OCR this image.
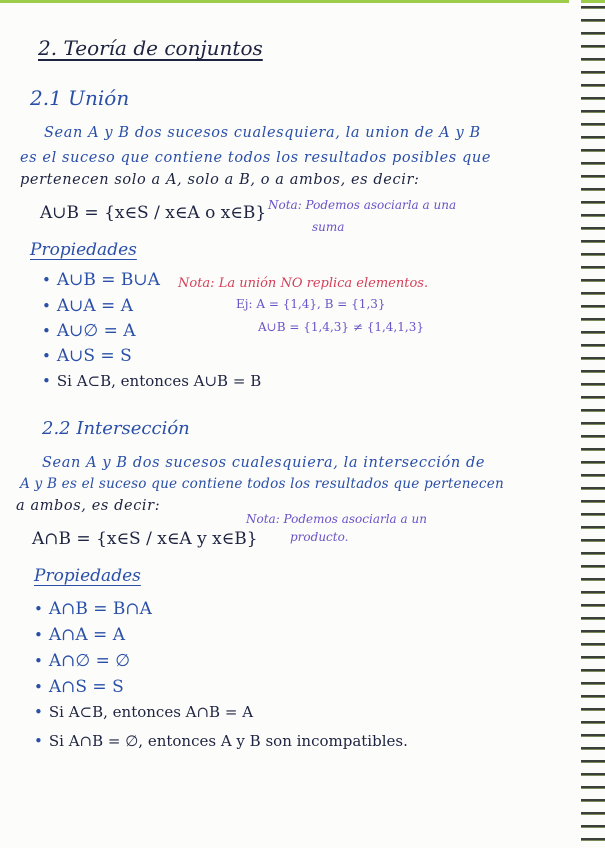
2. Teoría de conjuntos
2.1 Unión
Sean A y B dos sucesos cualesquiera, la union de A y B
es el suceso que contiene todos los resultados posibles que
pertenecen solo a A, solo a B, o a ambos, es decir:
A∪B = {x∈S / x∈A o x∈B} Nota: Podemos asociarla a una
suma
Propiedades
• A∪B = B∪A
• A∪A = A
• A∪∅ = A
• A∪S = S
• Si A⊂B, entonces A∪B = B
Nota: La unión NO replica elementos.
Ej: A = {1,4}, B = {1,3}
A∪B = {1,4,3} ≠ {1,4,1,3}
2.2 Intersección
Sean A y B dos sucesos cualesquiera, la intersección de
A y B es el suceso que contiene todos los resultados que pertenecen
a ambos, es decir:
A∩B = {x∈S / x∈A y x∈B}
Nota: Podemos asociarla a un
producto.
Propiedades
• A∩B = B∩A
• A∩A = A
• A∩∅ = ∅
• A∩S = S
• Si A⊂B, entonces A∩B = A
• Si A∩B = ∅, entonces A y B son incompatibles.
